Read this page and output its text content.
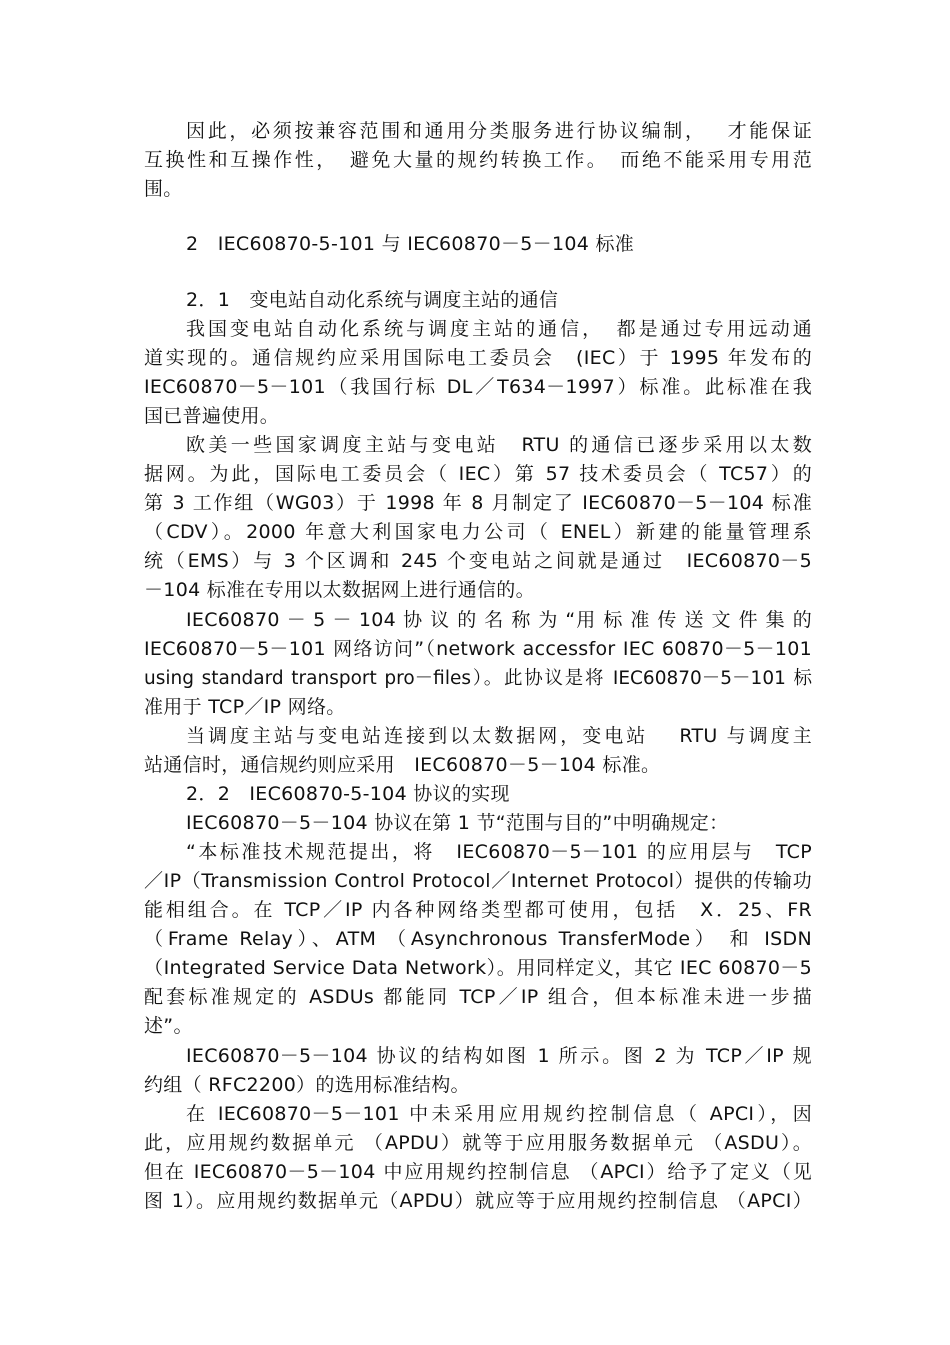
因此，必须按兼容范围和通用分类服务进行协议编制，　 才能保证
互换性和互操作性，　避免大量的规约转换工作。　而绝不能采用专用范
围。
2　IEC60870-5-101 与 IEC60870－5－104 标准
2．1　变电站自动化系统与调度主站的通信
我国变电站自动化系统与调度主站的通信，　都是通过专用远动通
道实现的。通信规约应采用国际电工委员会　(IEC）于 1995 年发布的
IEC60870－5－101（我国行标 DL／T634－1997）标准。此标准在我
国已普遍使用。
欧美一些国家调度主站与变电站　RTU 的通信已逐步采用以太数
据网。为此，国际电工委员会（ IEC）第 57 技术委员会（ TC57）的
第 3 工作组（WG03）于 1998 年 8 月制定了 IEC60870－5－104 标准
（CDV）。2000 年意大利国家电力公司（ ENEL）新建的能量管理系
统（EMS）与 3 个区调和 245 个变电站之间就是通过　IEC60870－5
－104 标准在专用以太数据网上进行通信的。
IEC60870 － 5 － 104 协 议 的 名 称 为 “用 标 准 传 送 文 件 集 的
IEC60870－5－101 网络访问”（network accessfor IEC 60870－5－101
using standard transport pro－files）。此协议是将 IEC60870－5－101 标
准用于 TCP／IP 网络。
当调度主站与变电站连接到以太数据网，变电站　 RTU 与调度主
站通信时，通信规约则应采用　IEC60870－5－104 标准。
2．2　IEC60870-5-104 协议的实现
IEC60870－5－104 协议在第 1 节“范围与目的”中明确规定：
“本标准技术规范提出，将　IEC60870－5－101 的应用层与　TCP
／IP（Transmission Control Protocol／Internet Protocol）提供的传输功
能相组合。在 TCP／IP 内各种网络类型都可使用，包括　X．25、FR
（Frame Relay）、ATM （Asynchronous TransferMode） 和 ISDN
（Integrated Service Data Network）。用同样定义，其它 IEC 60870－5
配套标准规定的 ASDUs 都能同 TCP／IP 组合，但本标准未进一步描
述”。
IEC60870－5－104 协议的结构如图 1 所示。图 2 为 TCP／IP 规
约组（ RFC2200）的选用标准结构。
在 IEC60870－5－101 中未采用应用规约控制信息（ APCI），因
此，应用规约数据单元 （APDU）就等于应用服务数据单元 （ASDU）。
但在 IEC60870－5－104 中应用规约控制信息 （APCI）给予了定义（见
图 1）。应用规约数据单元（APDU）就应等于应用规约控制信息 （APCI）
